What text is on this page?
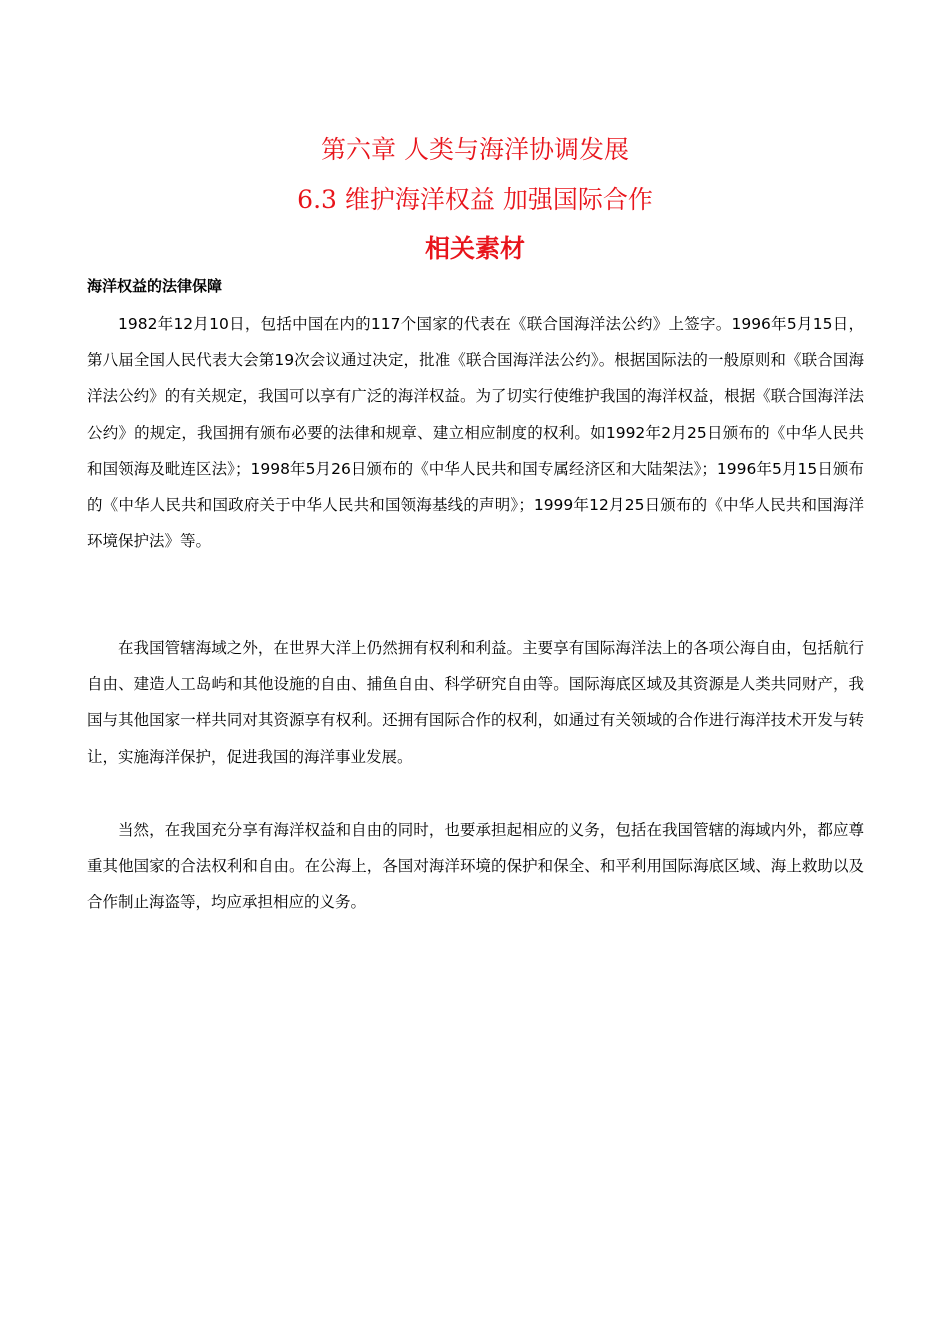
第六章 人类与海洋协调发展
6.3 维护海洋权益 加强国际合作
相关素材
海洋权益的法律保障

1982年12月10日，包括中国在内的117个国家的代表在《联合国海洋法公约》上签字。1996年5月15日，第八届全国人民代表大会第19次会议通过决定，批准《联合国海洋法公约》。根据国际法的一般原则和《联合国海洋法公约》的有关规定，我国可以享有广泛的海洋权益。为了切实行使维护我国的海洋权益，根据《联合国海洋法公约》的规定，我国拥有颁布必要的法律和规章、建立相应制度的权利。如1992年2月25日颁布的《中华人民共和国领海及毗连区法》；1998年5月26日颁布的《中华人民共和国专属经济区和大陆架法》；1996年5月15日颁布的《中华人民共和国政府关于中华人民共和国领海基线的声明》；1999年12月25日颁布的《中华人民共和国海洋环境保护法》等。

在我国管辖海域之外，在世界大洋上仍然拥有权利和利益。主要享有国际海洋法上的各项公海自由，包括航行自由、建造人工岛屿和其他设施的自由、捕鱼自由、科学研究自由等。国际海底区域及其资源是人类共同财产，我国与其他国家一样共同对其资源享有权利。还拥有国际合作的权利，如通过有关领域的合作进行海洋技术开发与转让，实施海洋保护，促进我国的海洋事业发展。

当然，在我国充分享有海洋权益和自由的同时，也要承担起相应的义务，包括在我国管辖的海域内外，都应尊重其他国家的合法权利和自由。在公海上，各国对海洋环境的保护和保全、和平利用国际海底区域、海上救助以及合作制止海盗等，均应承担相应的义务。
